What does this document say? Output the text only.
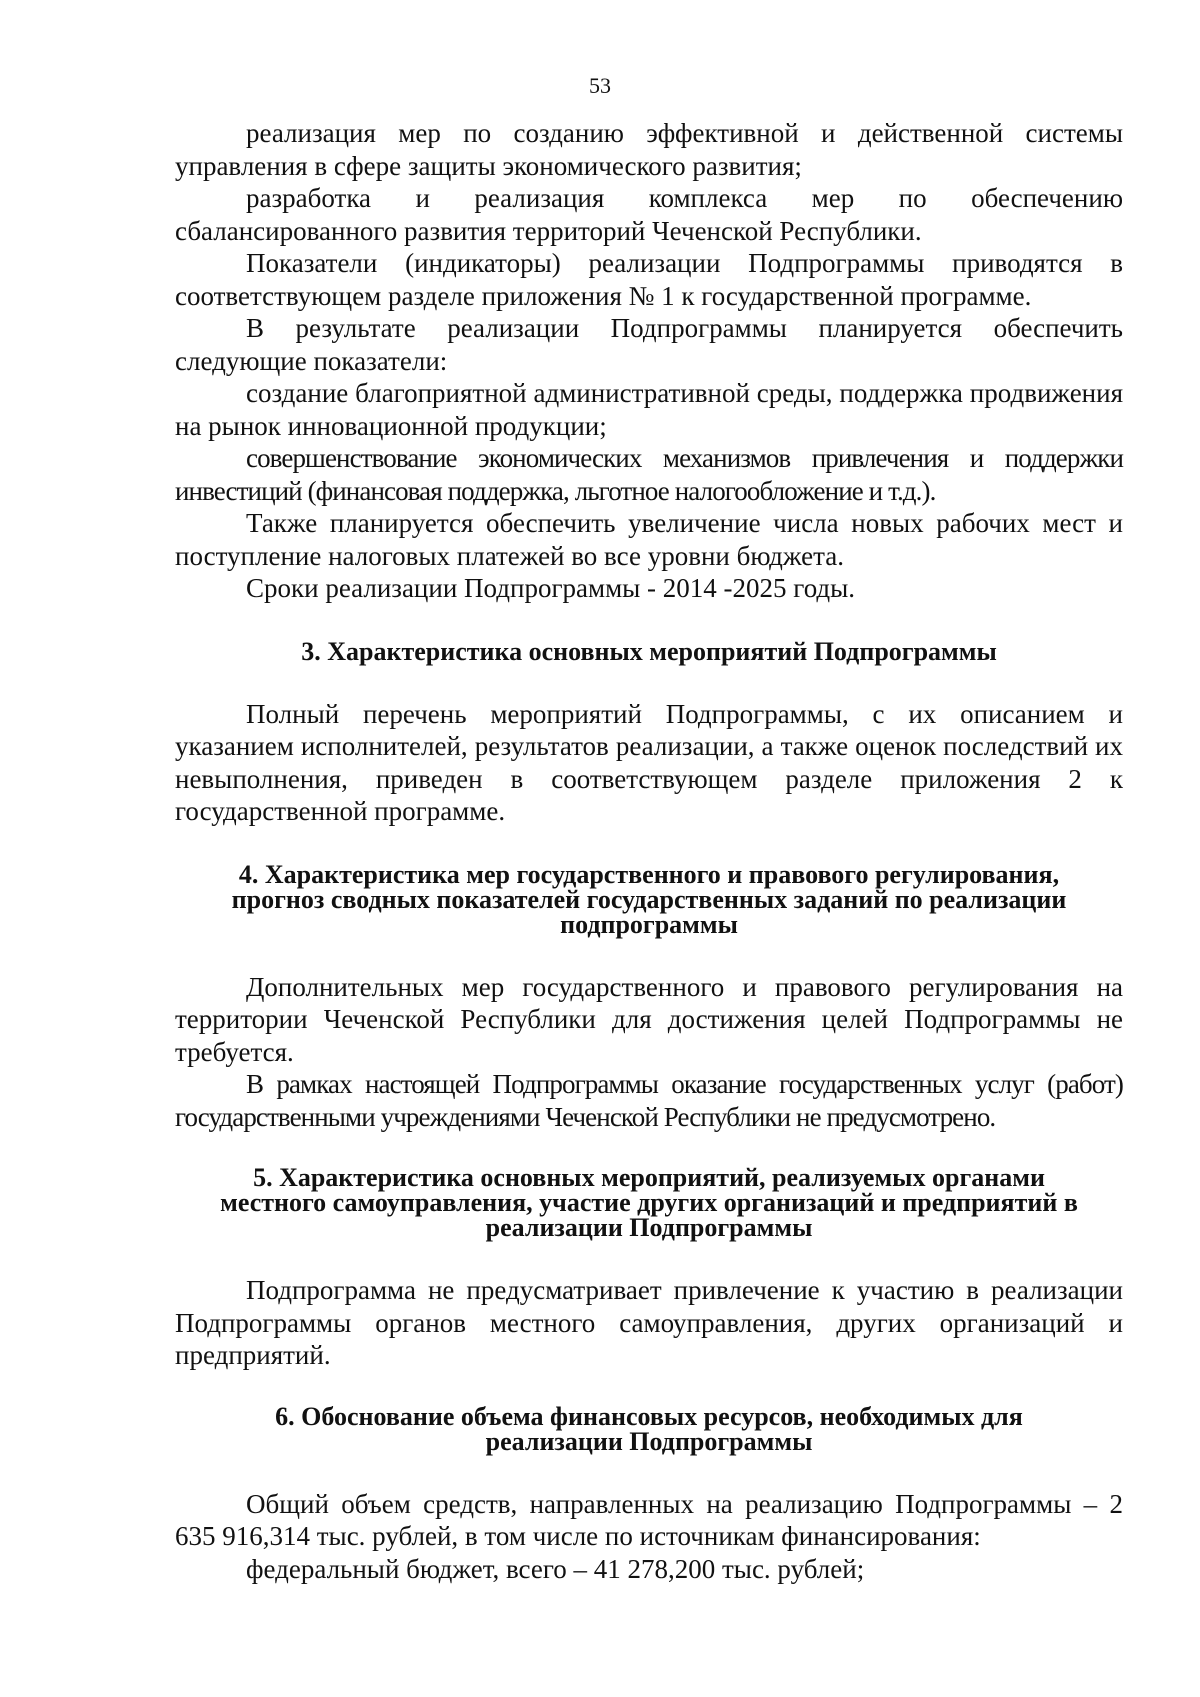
53

реализация мер по созданию эффективной и действенной системы управления в сфере защиты экономического развития;

разработка и реализация комплекса мер по обеспечению сбалансированного развития территорий Чеченской Республики.

Показатели (индикаторы) реализации Подпрограммы приводятся в соответствующем разделе приложения № 1 к государственной программе.

В результате реализации Подпрограммы планируется обеспечить следующие показатели:

создание благоприятной административной среды, поддержка продвижения на рынок инновационной продукции;

совершенствование экономических механизмов привлечения и поддержки инвестиций (финансовая поддержка, льготное налогообложение и т.д.).

Также планируется обеспечить увеличение числа новых рабочих мест и поступление налоговых платежей во все уровни бюджета.

Сроки реализации Подпрограммы - 2014 -2025 годы.

3. Характеристика основных мероприятий Подпрограммы

Полный перечень мероприятий Подпрограммы, с их описанием и указанием исполнителей, результатов реализации, а также оценок последствий их невыполнения, приведен в соответствующем разделе приложения 2 к государственной программе.

4. Характеристика мер государственного и правового регулирования,
прогноз сводных показателей государственных заданий по реализации
подпрограммы

Дополнительных мер государственного и правового регулирования на территории Чеченской Республики для достижения целей Подпрограммы не требуется.

В рамках настоящей Подпрограммы оказание государственных услуг (работ) государственными учреждениями Чеченской Республики не предусмотрено.

5. Характеристика основных мероприятий, реализуемых органами
местного самоуправления, участие других организаций и предприятий в
реализации Подпрограммы

Подпрограмма не предусматривает привлечение к участию в реализации Подпрограммы органов местного самоуправления, других организаций и предприятий.

6. Обоснование объема финансовых ресурсов, необходимых для
реализации Подпрограммы

Общий объем средств, направленных на реализацию Подпрограммы – 2 635 916,314 тыс. рублей, в том числе по источникам финансирования:

федеральный бюджет, всего – 41 278,200 тыс. рублей;
